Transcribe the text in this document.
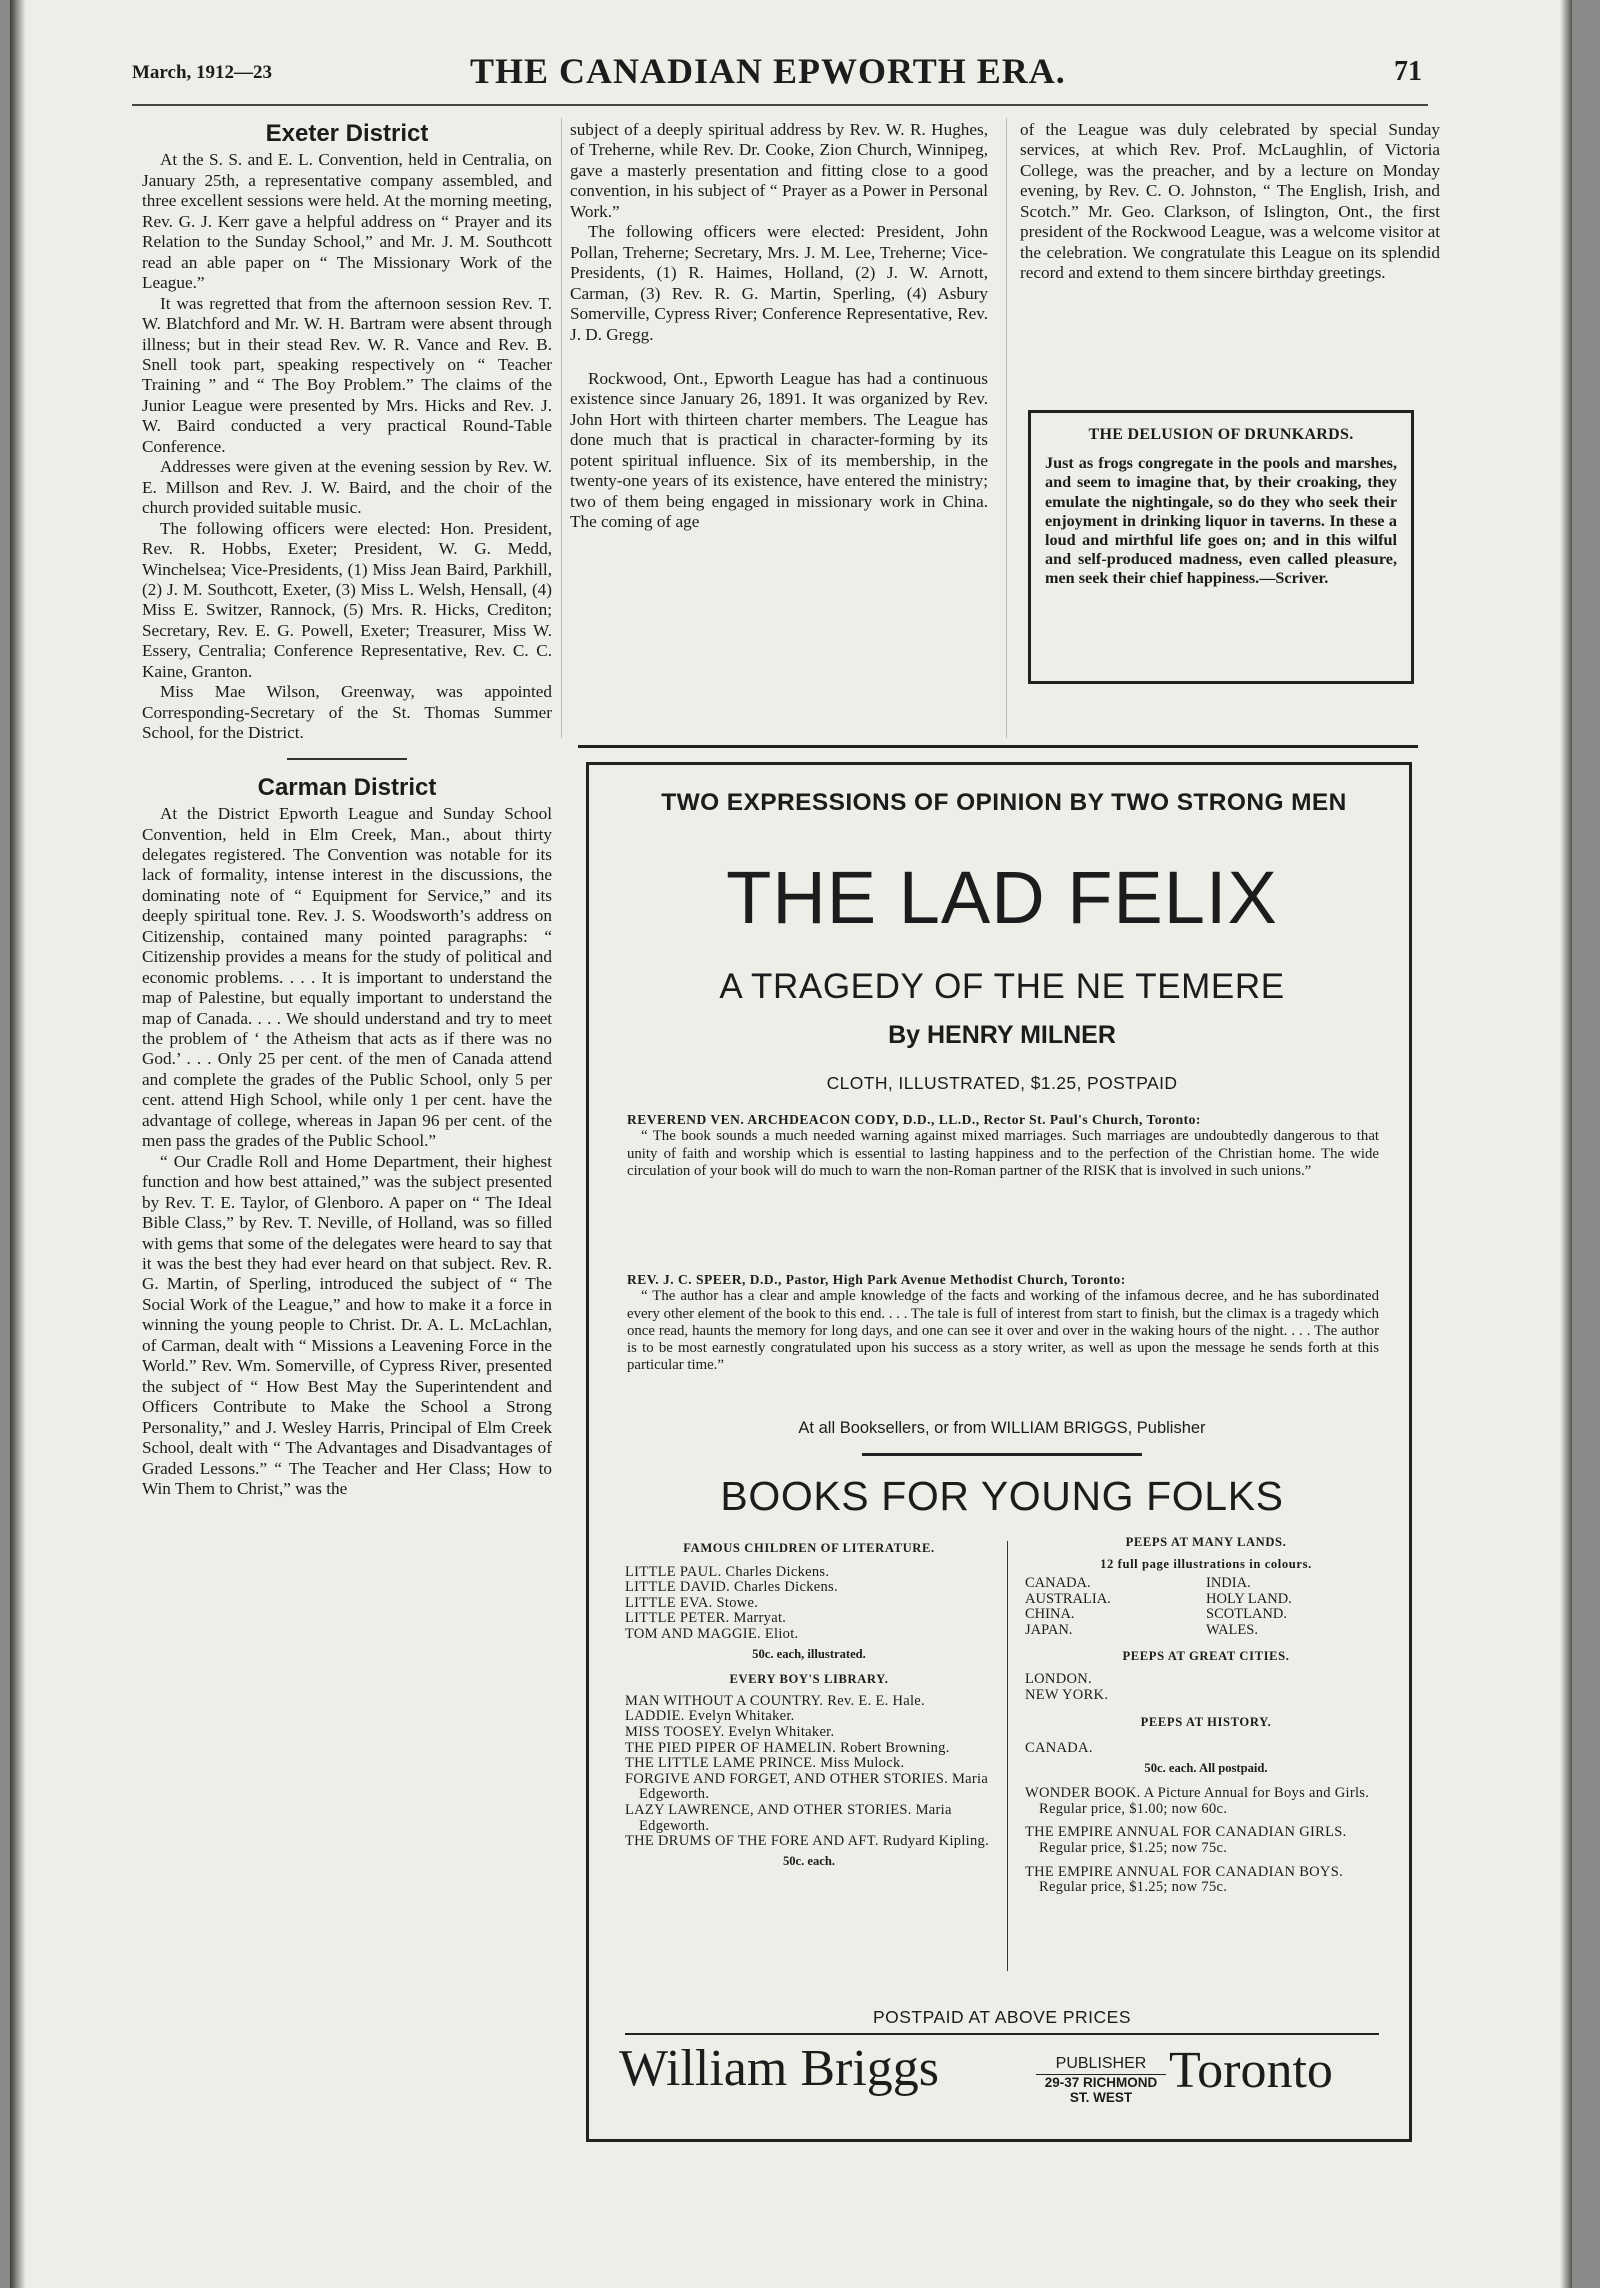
March, 1912—23	THE CANADIAN EPWORTH ERA.	71
Exeter District

At the S. S. and E. L. Convention, held in Centralia, on January 25th, a representative company assembled, and three excellent sessions were held. At the morning meeting, Rev. G. J. Kerr gave a helpful address on “ Prayer and its Relation to the Sunday School,” and Mr. J. M. Southcott read an able paper on “ The Missionary Work of the League.”

It was regretted that from the afternoon session Rev. T. W. Blatchford and Mr. W. H. Bartram were absent through illness; but in their stead Rev. W. R. Vance and Rev. B. Snell took part, speaking respectively on “ Teacher Training ” and “ The Boy Problem.” The claims of the Junior League were presented by Mrs. Hicks and Rev. J. W. Baird conducted a very practical Round-Table Conference.

Addresses were given at the evening session by Rev. W. E. Millson and Rev. J. W. Baird, and the choir of the church provided suitable music.

The following officers were elected: Hon. President, Rev. R. Hobbs, Exeter; President, W. G. Medd, Winchelsea; Vice-Presidents, (1) Miss Jean Baird, Parkhill, (2) J. M. Southcott, Exeter, (3) Miss L. Welsh, Hensall, (4) Miss E. Switzer, Rannock, (5) Mrs. R. Hicks, Crediton; Secretary, Rev. E. G. Powell, Exeter; Treasurer, Miss W. Essery, Centralia; Conference Representative, Rev. C. C. Kaine, Granton.

Miss Mae Wilson, Greenway, was appointed Corresponding-Secretary of the St. Thomas Summer School, for the District.

Carman District

At the District Epworth League and Sunday School Convention, held in Elm Creek, Man., about thirty delegates registered. The Convention was notable for its lack of formality, intense interest in the discussions, the dominating note of “ Equipment for Service,” and its deeply spiritual tone. Rev. J. S. Woodsworth’s address on Citizenship, contained many pointed paragraphs: “ Citizenship provides a means for the study of political and economic problems. . . . It is important to understand the map of Palestine, but equally important to understand the map of Canada. . . . We should understand and try to meet the problem of ‘ the Atheism that acts as if there was no God.’ . . . Only 25 per cent. of the men of Canada attend and complete the grades of the Public School, only 5 per cent. attend High School, while only 1 per cent. have the advantage of college, whereas in Japan 96 per cent. of the men pass the grades of the Public School.”

“ Our Cradle Roll and Home Department, their highest function and how best attained,” was the subject presented by Rev. T. E. Taylor, of Glenboro. A paper on “ The Ideal Bible Class,” by Rev. T. Neville, of Holland, was so filled with gems that some of the delegates were heard to say that it was the best they had ever heard on that subject. Rev. R. G. Martin, of Sperling, introduced the subject of “ The Social Work of the League,” and how to make it a force in winning the young people to Christ. Dr. A. L. McLachlan, of Carman, dealt with “ Missions a Leavening Force in the World.” Rev. Wm. Somerville, of Cypress River, presented the subject of “ How Best May the Superintendent and Officers Contribute to Make the School a Strong Personality,” and J. Wesley Harris, Principal of Elm Creek School, dealt with “ The Advantages and Disadvantages of Graded Lessons.” “ The Teacher and Her Class; How to Win Them to Christ,” was the

subject of a deeply spiritual address by Rev. W. R. Hughes, of Treherne, while Rev. Dr. Cooke, Zion Church, Winnipeg, gave a masterly presentation and fitting close to a good convention, in his subject of “ Prayer as a Power in Personal Work.”

The following officers were elected: President, John Pollan, Treherne; Secretary, Mrs. J. M. Lee, Treherne; Vice-Presidents, (1) R. Haimes, Holland, (2) J. W. Arnott, Carman, (3) Rev. R. G. Martin, Sperling, (4) Asbury Somerville, Cypress River; Conference Representative, Rev. J. D. Gregg.

Rockwood, Ont., Epworth League has had a continuous existence since January 26, 1891. It was organized by Rev. John Hort with thirteen charter members. The League has done much that is practical in character-forming by its potent spiritual influence. Six of its membership, in the twenty-one years of its existence, have entered the ministry; two of them being engaged in missionary work in China. The coming of age

of the League was duly celebrated by special Sunday services, at which Rev. Prof. McLaughlin, of Victoria College, was the preacher, and by a lecture on Monday evening, by Rev. C. O. Johnston, “ The English, Irish, and Scotch.” Mr. Geo. Clarkson, of Islington, Ont., the first president of the Rockwood League, was a welcome visitor at the celebration. We congratulate this League on its splendid record and extend to them sincere birthday greetings.

THE DELUSION OF DRUNKARDS.
Just as frogs congregate in the pools and marshes, and seem to imagine that, by their croaking, they emulate the nightingale, so do they who seek their enjoyment in drinking liquor in taverns. In these a loud and mirthful life goes on; and in this wilful and self-produced madness, even called pleasure, men seek their chief happiness.—Scriver.
TWO EXPRESSIONS OF OPINION BY TWO STRONG MEN
THE LAD FELIX
A TRAGEDY OF THE NE TEMERE
By HENRY MILNER
CLOTH, ILLUSTRATED, $1.25, POSTPAID
REVEREND VEN. ARCHDEACON CODY, D.D., LL.D., Rector St. Paul's Church, Toronto:
“ The book sounds a much needed warning against mixed marriages. Such marriages are undoubtedly dangerous to that unity of faith and worship which is essential to lasting happiness and to the perfection of the Christian home. The wide circulation of your book will do much to warn the non-Roman partner of the RISK that is involved in such unions.”
REV. J. C. SPEER, D.D., Pastor, High Park Avenue Methodist Church, Toronto:
“ The author has a clear and ample knowledge of the facts and working of the infamous decree, and he has subordinated every other element of the book to this end. . . . The tale is full of interest from start to finish, but the climax is a tragedy which once read, haunts the memory for long days, and one can see it over and over in the waking hours of the night. . . . The author is to be most earnestly congratulated upon his success as a story writer, as well as upon the message he sends forth at this particular time.”
At all Booksellers, or from WILLIAM BRIGGS, Publisher
BOOKS FOR YOUNG FOLKS
FAMOUS CHILDREN OF LITERATURE.
LITTLE PAUL. Charles Dickens.
LITTLE DAVID. Charles Dickens.
LITTLE EVA. Stowe.
LITTLE PETER. Marryat.
TOM AND MAGGIE. Eliot.
50c. each, illustrated.
EVERY BOY'S LIBRARY.
MAN WITHOUT A COUNTRY. Rev. E. E. Hale.
LADDIE. Evelyn Whitaker.
MISS TOOSEY. Evelyn Whitaker.
THE PIED PIPER OF HAMELIN. Robert Browning.
THE LITTLE LAME PRINCE. Miss Mulock.
FORGIVE AND FORGET, AND OTHER STORIES. Maria Edgeworth.
LAZY LAWRENCE, AND OTHER STORIES. Maria Edgeworth.
THE DRUMS OF THE FORE AND AFT. Rudyard Kipling.
50c. each.
PEEPS AT MANY LANDS.
12 full page illustrations in colours.
CANADA.	INDIA.
AUSTRALIA.	HOLY LAND.
CHINA.	SCOTLAND.
JAPAN.	WALES.
PEEPS AT GREAT CITIES.
LONDON.
NEW YORK.
PEEPS AT HISTORY.
CANADA.
50c. each. All postpaid.
WONDER BOOK. A Picture Annual for Boys and Girls. Regular price, $1.00; now 60c.
THE EMPIRE ANNUAL FOR CANADIAN GIRLS. Regular price, $1.25; now 75c.
THE EMPIRE ANNUAL FOR CANADIAN BOYS. Regular price, $1.25; now 75c.
POSTPAID AT ABOVE PRICES
William Briggs	PUBLISHER
29-37 RICHMOND
ST. WEST Toronto
